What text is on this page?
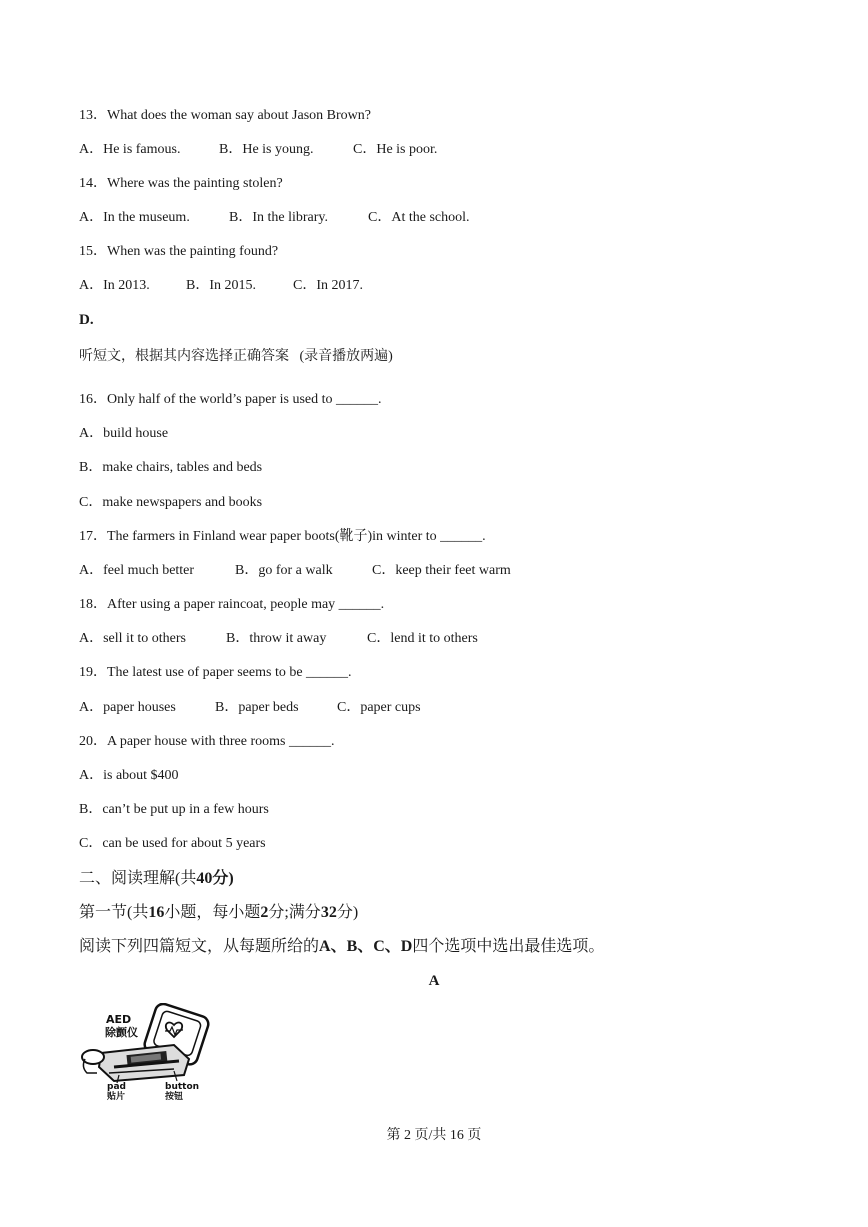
13．What does the woman say about Jason Brown?
A．He is famous.	B．He is young.	C．He is poor.
14．Where was the painting stolen?
A．In the museum.	B．In the library.	C．At the school.
15．When was the painting found?
A．In 2013.	B．In 2015.	C．In 2017.
D.
听短文，根据其内容选择正确答案   (录音播放两遍)
16．Only half of the world’s paper is used to ______.
A．build house
B．make chairs, tables and beds
C．make newspapers and books
17．The farmers in Finland wear paper boots(靴子)in winter to ______.
A．feel much better	B．go for a walk	C．keep their feet warm
18．After using a paper raincoat, people may ______.
A．sell it to others	B．throw it away	C．lend it to others
19．The latest use of paper seems to be ______.
A．paper houses	B．paper beds	C．paper cups
20．A paper house with three rooms ______.
A．is about $400
B．can’t be put up in a few hours
C．can be used for about 5 years
二、阅读理解(共40分)
第一节(共16小题，每小题2分;满分32分)
阅读下列四篇短文，从每题所给的A、B、C、D四个选项中选出最佳选项。
A
AED
除颤仪
pad
贴片
button
按钮
第 2 页/共 16 页
